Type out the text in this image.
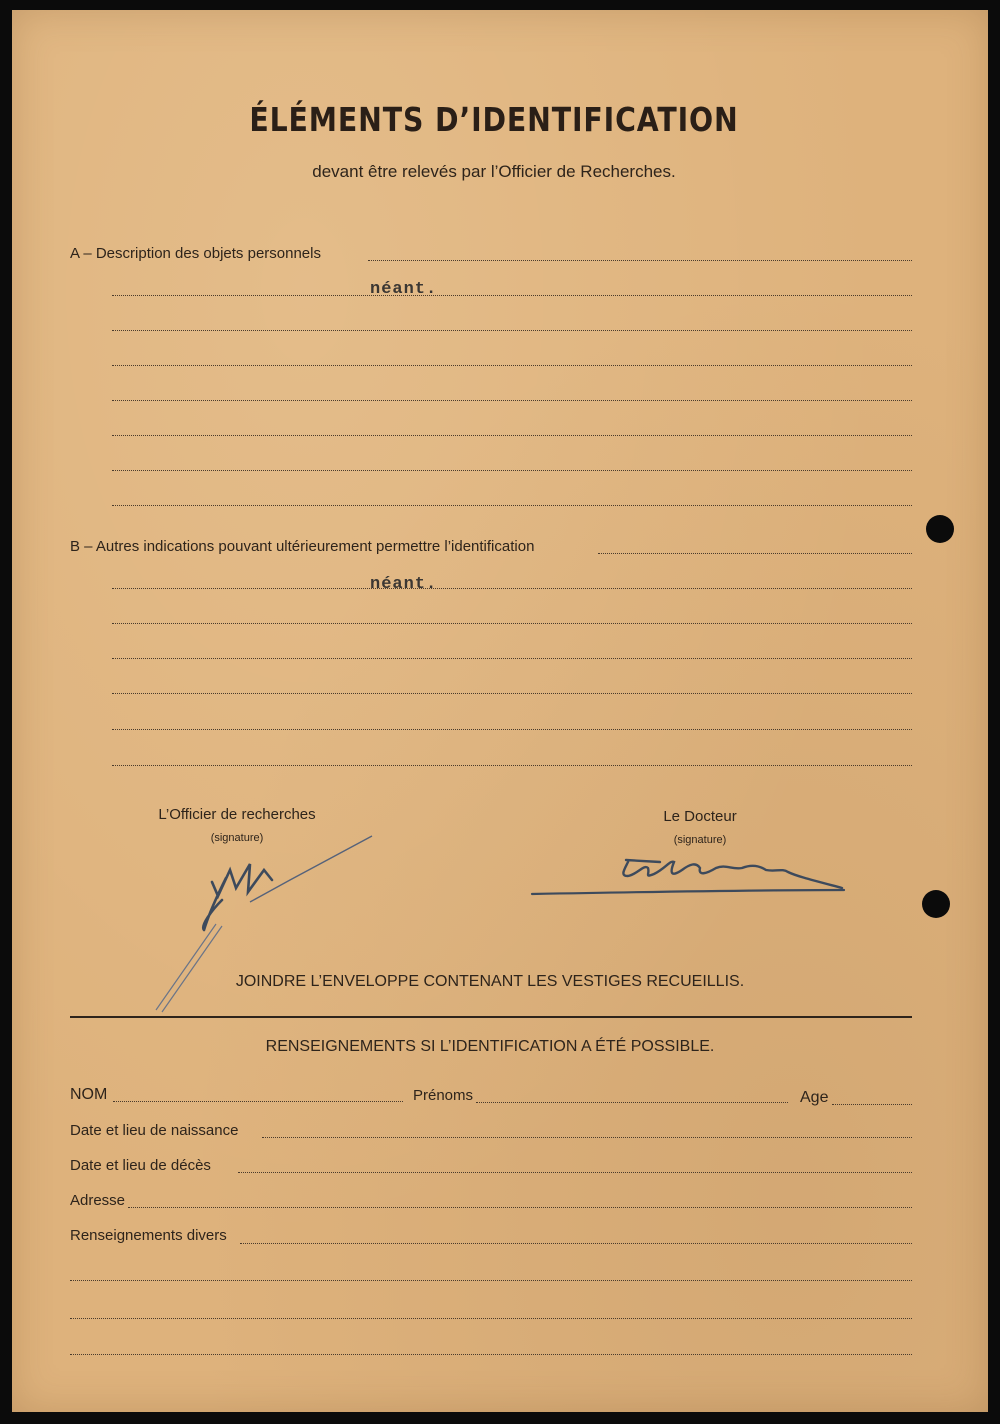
ÉLÉMENTS D’IDENTIFICATION
devant être relevés par l’Officier de Recherches.
A – Description des objets personnels
néant.
B – Autres indications pouvant ultérieurement permettre l’identification
néant.
L’Officier de recherches
(signature)
Le Docteur
(signature)
JOINDRE L’ENVELOPPE CONTENANT LES VESTIGES RECUEILLIS.
RENSEIGNEMENTS SI L’IDENTIFICATION A ÉTÉ POSSIBLE.
NOM	Prénoms	Age
Date et lieu de naissance
Date et lieu de décès
Adresse
Renseignements divers
